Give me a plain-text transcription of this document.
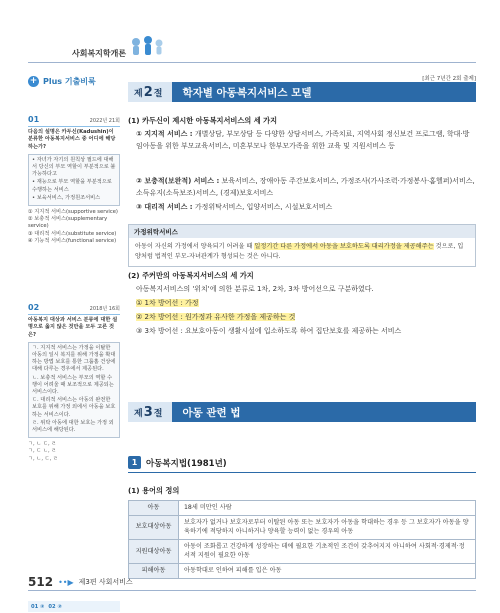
사회복지학개론
+ Plus 기출비룩
01	2022년 21회
다음의 설명은 카두신(Kadushin)이 분류한 아동복지서비스 중 어디에 해당하는가?
• 자녀가 자기의 원칙상 필드에 대해서 당신의 부모 역할이 부분적으로 불가능하다고
• 재능으로 부모 역할을 부분적으로 수행하는 서비스
• 보육서비스, 가정원조서비스
① 지지적 서비스(supportive service)
② 보충적 서비스(supplementary service)
③ 대리적 서비스(substitute service)
④ 기능적 서비스(functional service)
02	2018년 16회
아동복지 대상과 서비스 분류에 대한 설명으로 옳지 않은 것만을 모두 고른 것은?
ㄱ. 지지적 서비스는 가정을 이탈한 아동의 일시 복지를 위해 가정을 확대하는 방법 보호를 통한 그룹홈 건상에 대해 다루는 경우에서 제공된다.
ㄴ. 보충적 서비스는 부모의 역할 수행이 어려울 때 보조적으로 제공되는 서비스이다.
ㄷ. 대리적 서비스는 아동의 완전한 보호를 위해 가정 외에서 아동을 보호하는 서비스이다.
ㄹ. 위탁 아동에 대한 보호는 가정 외 서비스에 해당된다.
ㄱ, ㄴ ㄷ, ㄹ
ㄱ, ㄷ ㄴ, ㄹ
ㄱ, ㄴ, ㄷ, ㄹ
01 ② 02 ②
[최근 7년간 2회 출제]
제 2 절	학자별 아동복지서비스 모델
(1) 카두신이 제시한 아동복지서비스의 세 가지
① 지지적 서비스 : 개별상담, 부모상담 등 다양한 상담서비스, 가족치료, 지역사회 정신보건 프로그램, 학대·방임아동을 위한 부모교육서비스, 미혼부모나 한부모가족을 위한 교육 및 지원서비스 등
② 보충적(보완적) 서비스 : 보육서비스, 장애아동 주간보호서비스, 가정조사(가사조력·가정봉사·홈헬퍼)서비스, 소득유지(소득보조)서비스, (경제)보호서비스
③ 대리적 서비스 : 가정위탁서비스, 입양서비스, 시설보호서비스
가정위탁서비스
아동이 자신의 가정에서 양육되기 어려울 때 일정기간 다른 가정에서 아동을 보호하도록 대리가정을 제공해주는 것으로, 입양처럼 법적인 부모-자녀관계가 형성되는 것은 아니다.
(2) 주커만의 아동복지서비스의 세 가지
아동복지서비스의 '위치'에 의한 분류로 1차, 2차, 3차 방어선으로 구분하였다.
① 1차 방어선 : 가정
② 2차 방어선 : 원가정과 유사한 가정을 제공하는 것
③ 3차 방어선 : 요보호아동이 생활시설에 입소하도록 하여 집단보호를 제공하는 서비스
제 3 절	아동 관련 법
1	아동복지법(1981년)
(1) 용어의 정의
아동	18세 미만인 사람
보호대상아동	보호자가 없거나 보호자로부터 이탈된 아동 또는 보호자가 아동을 학대하는 경우 등 그 보호자가 아동을 양육하기에 적당하지 아니하거나 양육할 능력이 없는 경우의 아동
지원대상아동	아동이 조화롭고 건강하게 성장하는 데에 필요한 기초적인 조건이 갖추어지지 아니하여 사회적·경제적·정서적 지원이 필요한 아동
피해아동	아동학대로 인하여 피해를 입은 아동
512 ••▶ 제3편 사회서비스
